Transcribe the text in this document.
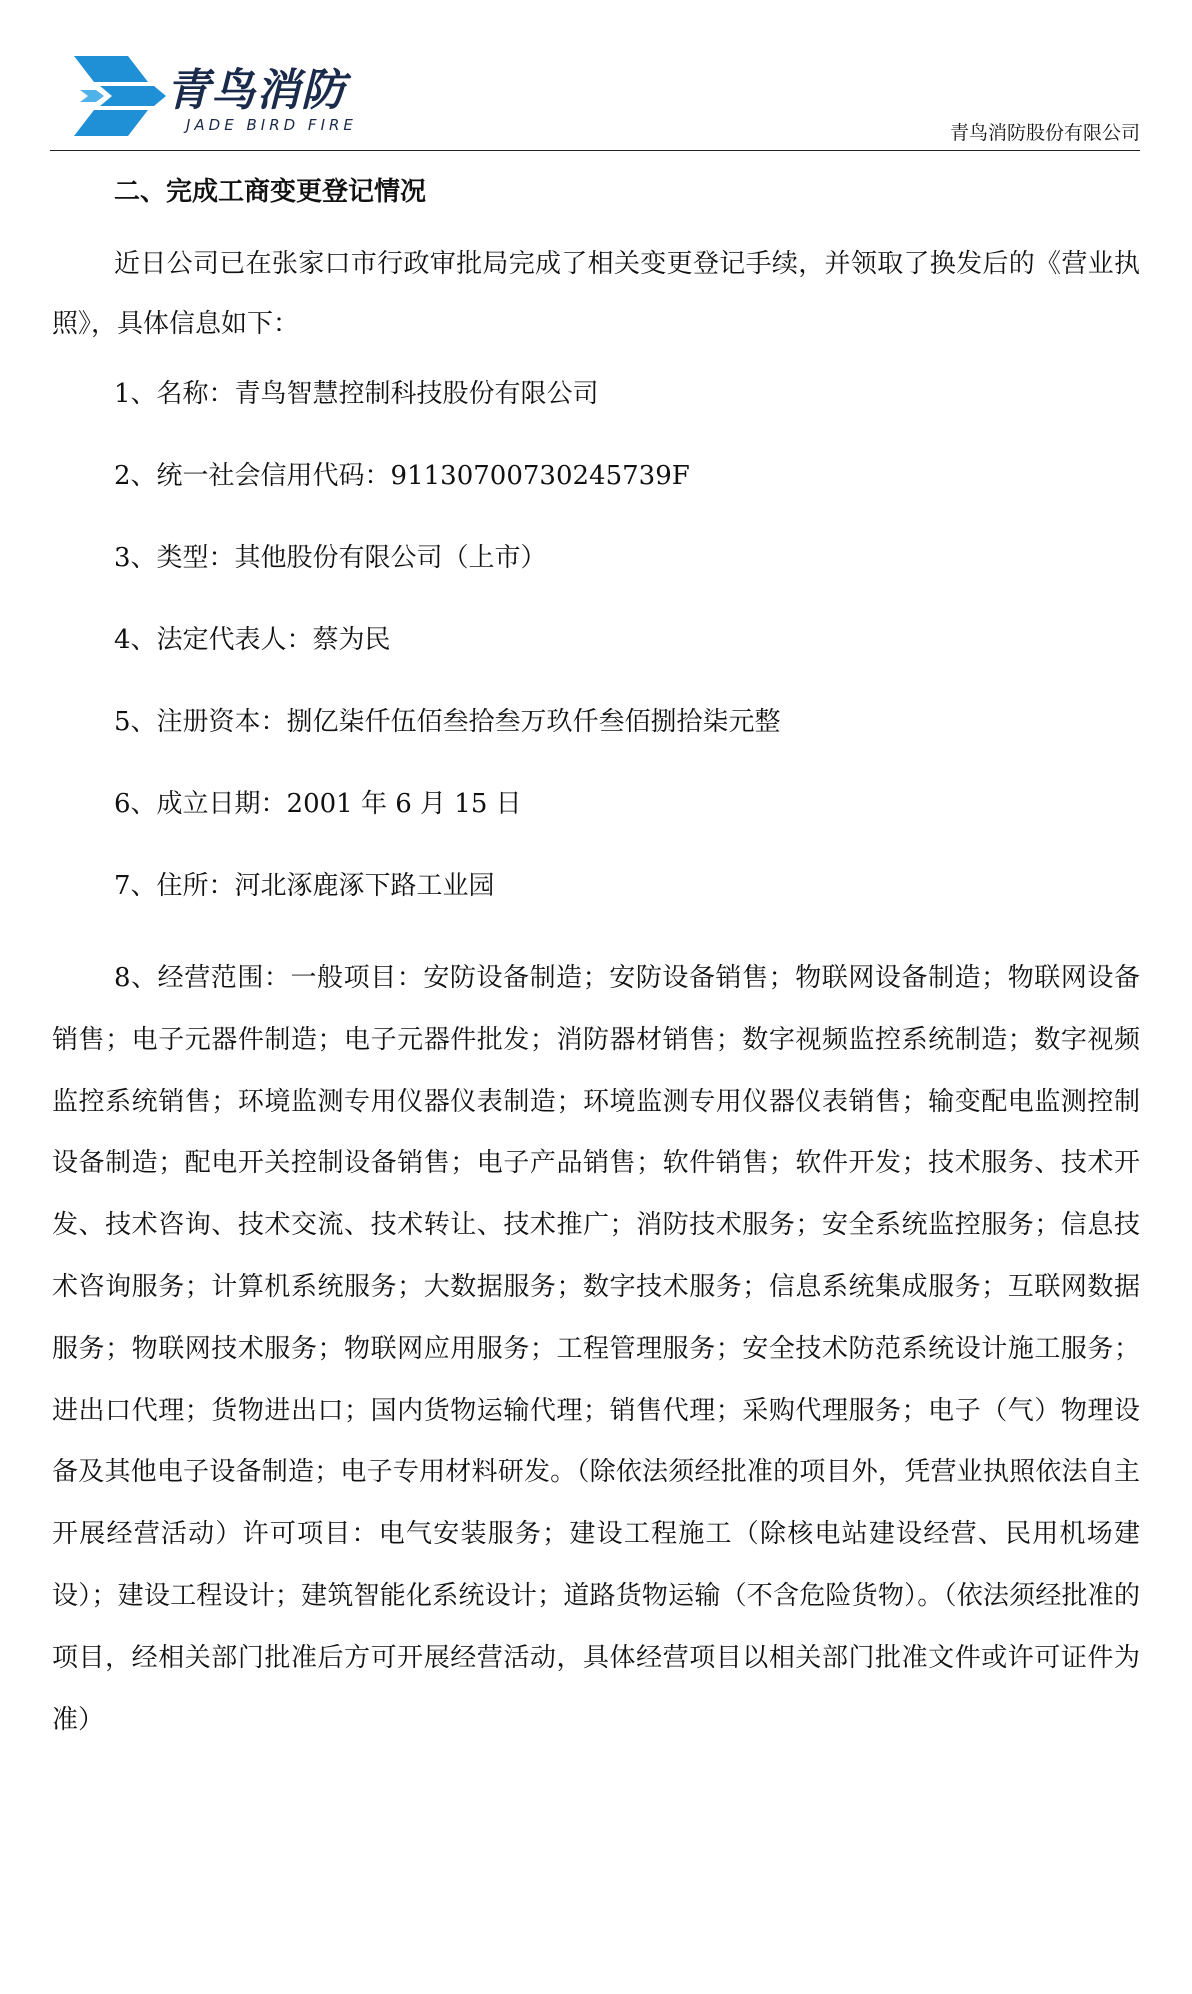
青鸟消防
JADE BIRD FIRE	青鸟消防股份有限公司

二、完成工商变更登记情况

近日公司已在张家口市行政审批局完成了相关变更登记手续，并领取了换发后的《营业执照》，具体信息如下：

1、名称：青鸟智慧控制科技股份有限公司

2、统一社会信用代码：91130700730245739F

3、类型：其他股份有限公司（上市）

4、法定代表人：蔡为民

5、注册资本：捌亿柒仟伍佰叁拾叁万玖仟叁佰捌拾柒元整

6、成立日期：2001 年 6 月 15 日

7、住所：河北涿鹿涿下路工业园

8、经营范围：一般项目：安防设备制造；安防设备销售；物联网设备制造；物联网设备销售；电子元器件制造；电子元器件批发；消防器材销售；数字视频监控系统制造；数字视频监控系统销售；环境监测专用仪器仪表制造；环境监测专用仪器仪表销售；输变配电监测控制设备制造；配电开关控制设备销售；电子产品销售；软件销售；软件开发；技术服务、技术开发、技术咨询、技术交流、技术转让、技术推广；消防技术服务；安全系统监控服务；信息技术咨询服务；计算机系统服务；大数据服务；数字技术服务；信息系统集成服务；互联网数据服务；物联网技术服务；物联网应用服务；工程管理服务；安全技术防范系统设计施工服务；进出口代理；货物进出口；国内货物运输代理；销售代理；采购代理服务；电子（气）物理设备及其他电子设备制造；电子专用材料研发。（除依法须经批准的项目外，凭营业执照依法自主开展经营活动）许可项目：电气安装服务；建设工程施工（除核电站建设经营、民用机场建设）；建设工程设计；建筑智能化系统设计；道路货物运输（不含危险货物）。（依法须经批准的项目，经相关部门批准后方可开展经营活动，具体经营项目以相关部门批准文件或许可证件为准）
